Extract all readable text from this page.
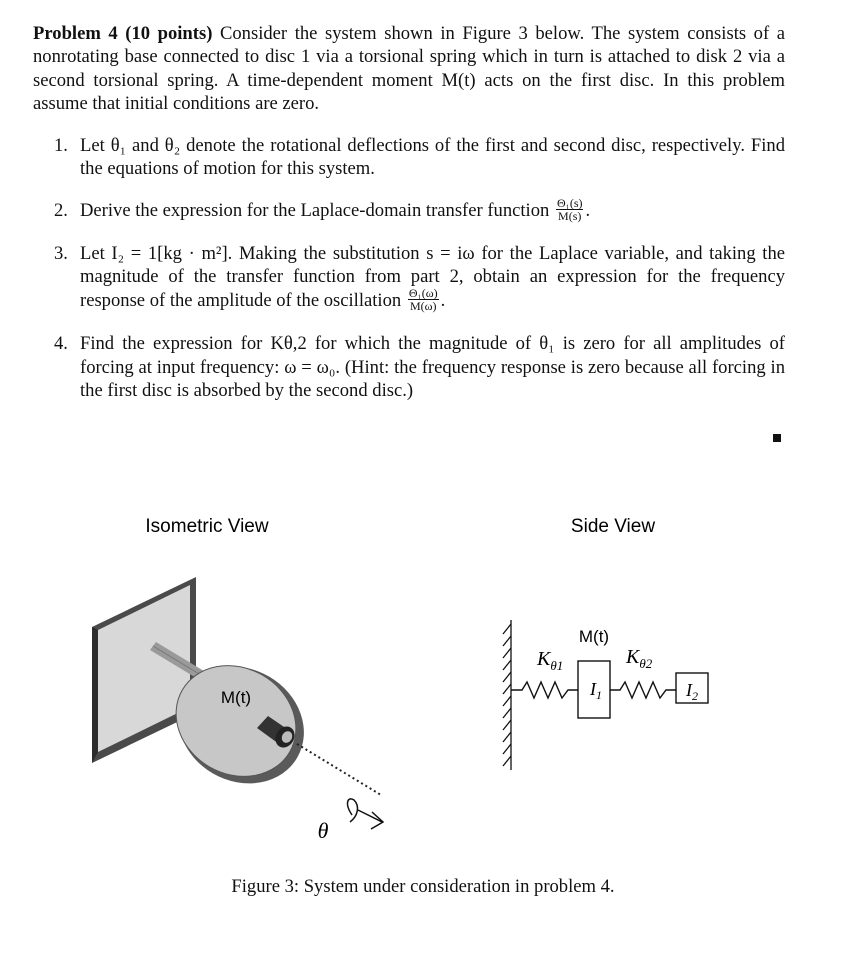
Problem 4 (10 points) Consider the system shown in Figure 3 below. The system consists of a nonrotating base connected to disc 1 via a torsional spring which in turn is attached to disk 2 via a second torsional spring. A time-dependent moment M(t) acts on the first disc. In this problem assume that initial conditions are zero.
1. Let θ₁ and θ₂ denote the rotational deflections of the first and second disc, respectively. Find the equations of motion for this system.
2. Derive the expression for the Laplace-domain transfer function $\frac{\text{Θ₁(s)}}{M(s)}$ .
3. Let I₂ = 1[kg · m²]. Making the substitution s = iω for the Laplace variable, and taking the magnitude of the transfer function from part 2, obtain an expression for the frequency response of the amplitude of the oscillation $\frac{\text{Θ₁(ω)}}{M(\omega)}$ .
4. Find the expression for Kθ,2 for which the magnitude of θ₁ is zero for all amplitudes of forcing at input frequency: ω = ω₀. (Hint: the frequency response is zero because all forcing in the first disc is absorbed by the second disc.)
Isometric View	Side View
M(t)
θ
$K_{\theta 1}$	$K_{\theta 2}$
M(t)
$I_1$	$I_2$
Figure 3: System under consideration in problem 4.
